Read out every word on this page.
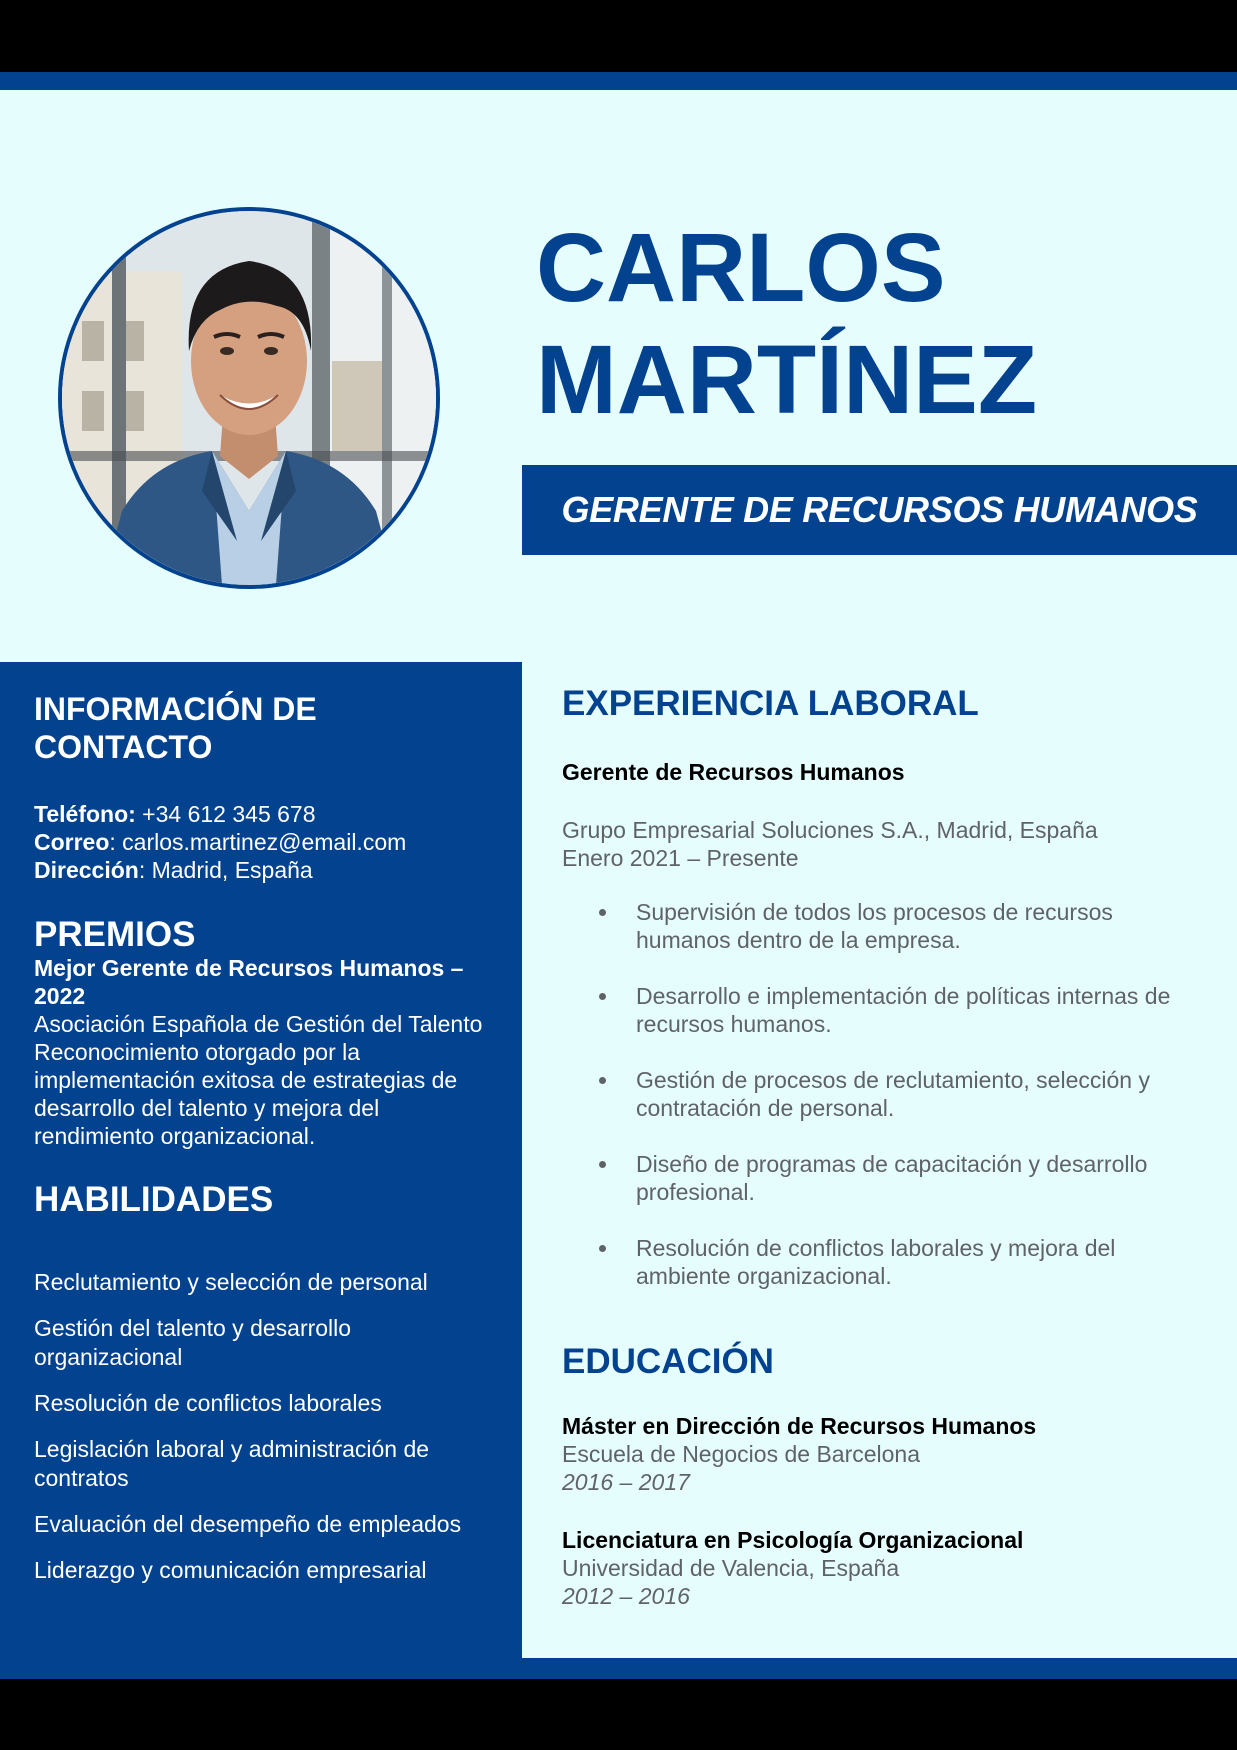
CARLOS
MARTÍNEZ
GERENTE DE RECURSOS HUMANOS
INFORMACIÓN DE CONTACTO
Teléfono: +34 612 345 678
Correo: carlos.martinez@email.com
Dirección: Madrid, España
PREMIOS
Mejor Gerente de Recursos Humanos – 2022
Asociación Española de Gestión del Talento
Reconocimiento otorgado por la implementación exitosa de estrategias de desarrollo del talento y mejora del rendimiento organizacional.
HABILIDADES
Reclutamiento y selección de personal
Gestión del talento y desarrollo organizacional
Resolución de conflictos laborales
Legislación laboral y administración de contratos
Evaluación del desempeño de empleados
Liderazgo y comunicación empresarial
EXPERIENCIA LABORAL
Gerente de Recursos Humanos
Grupo Empresarial Soluciones S.A., Madrid, España
Enero 2021 – Presente
Supervisión de todos los procesos de recursos humanos dentro de la empresa.
Desarrollo e implementación de políticas internas de recursos humanos.
Gestión de procesos de reclutamiento, selección y contratación de personal.
Diseño de programas de capacitación y desarrollo profesional.
Resolución de conflictos laborales y mejora del ambiente organizacional.
EDUCACIÓN
Máster en Dirección de Recursos Humanos
Escuela de Negocios de Barcelona
2016 – 2017
Licenciatura en Psicología Organizacional
Universidad de Valencia, España
2012 – 2016
